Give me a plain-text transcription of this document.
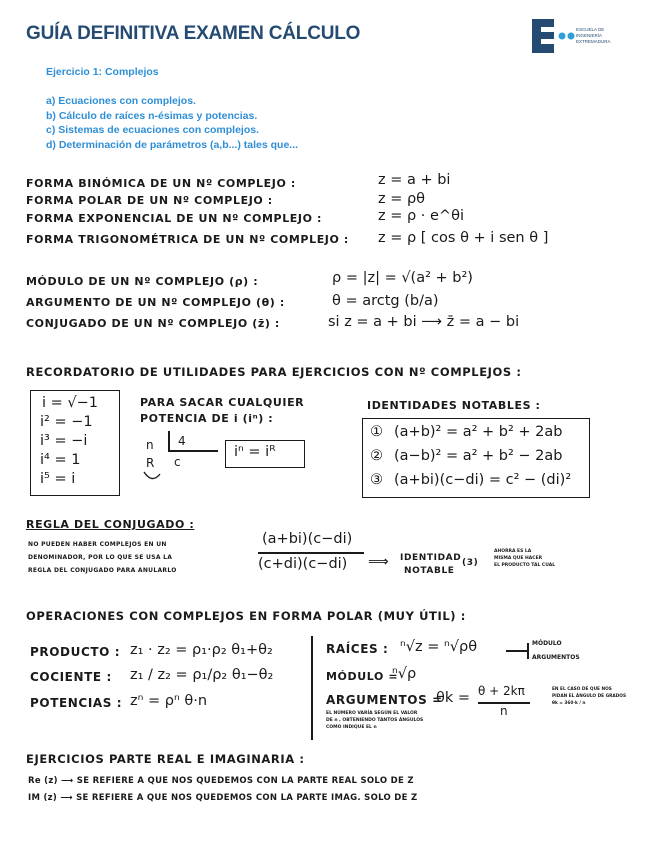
GUÍA DEFINITIVA EXAMEN CÁLCULO	ESCUELA DE
INGENIERÍA
EXTREMADURA
Ejercicio 1: Complejos
a) Ecuaciones con complejos.
b) Cálculo de raíces n-ésimas y potencias.
c) Sistemas de ecuaciones con complejos.
d) Determinación de parámetros (a,b...) tales que...
FORMA BINÓMICA DE UN Nº COMPLEJO :	z = a + bi
FORMA POLAR DE UN Nº COMPLEJO :	z = ρθ
FORMA EXPONENCIAL DE UN Nº COMPLEJO :	z = ρ · e^θi
FORMA TRIGONOMÉTRICA DE UN Nº COMPLEJO : z = ρ [ cos θ + i sen θ ]
MÓDULO DE UN Nº COMPLEJO (ρ) :	ρ = |z| = √(a² + b²)
ARGUMENTO DE UN Nº COMPLEJO (θ) :	θ = arctg (b/a)
CONJUGADO DE UN Nº COMPLEJO (z̄) :	si z = a + bi ⟶ z̄ = a − bi
RECORDATORIO DE UTILIDADES PARA EJERCICIOS CON Nº COMPLEJOS :
i = √−1
i² = −1
i³ = −i
i⁴ = 1
i⁵ = i
PARA SACAR CUALQUIER POTENCIA DE i (iⁿ) :
n 4
R c
iⁿ = iᴿ
IDENTIDADES NOTABLES :
① (a+b)² = a² + b² + 2ab
② (a−b)² = a² + b² − 2ab
③ (a+bi)(c−di) = c² − (di)²
REGLA DEL CONJUGADO :
NO PUEDEN HABER COMPLEJOS EN UN
DENOMINADOR, POR LO QUE SE USA LA
REGLA DEL CONJUGADO PARA ANULARLO
(a+bi)(c−di)
(c+di)(c−di) ⟹ IDENTIDAD
NOTABLE
(3)
AHORRA ES LA
MISMA QUE HACER
EL PRODUCTO TAL CUAL
OPERACIONES CON COMPLEJOS EN FORMA POLAR (MUY ÚTIL) :
PRODUCTO : z₁ · z₂ = ρ₁·ρ₂ θ₁+θ₂
COCIENTE : z₁ / z₂ = ρ₁/ρ₂ θ₁−θ₂
POTENCIAS : zⁿ = ρⁿ θ·n
RAÍCES : ⁿ√z = ⁿ√ρθ	MÓDULO
ARGUMENTOS
MÓDULO =
ⁿ√ρ
ARGUMENTOS =
θk = θ + 2kπ
n
EL NÚMERO VARÍA SEGÚN EL VALOR
DE n , OBTENIENDO TANTOS ÁNGULOS
COMO INDIQUE EL n
EN EL CASO DE QUE NOS
PIDAN EL ÁNGULO DE GRADOS
θk = 360·k / n
EJERCICIOS PARTE REAL E IMAGINARIA :
Re (z) ⟶ SE REFIERE A QUE NOS QUEDEMOS CON LA PARTE REAL SOLO DE Z
IM (z) ⟶ SE REFIERE A QUE NOS QUEDEMOS CON LA PARTE IMAG. SOLO DE Z
